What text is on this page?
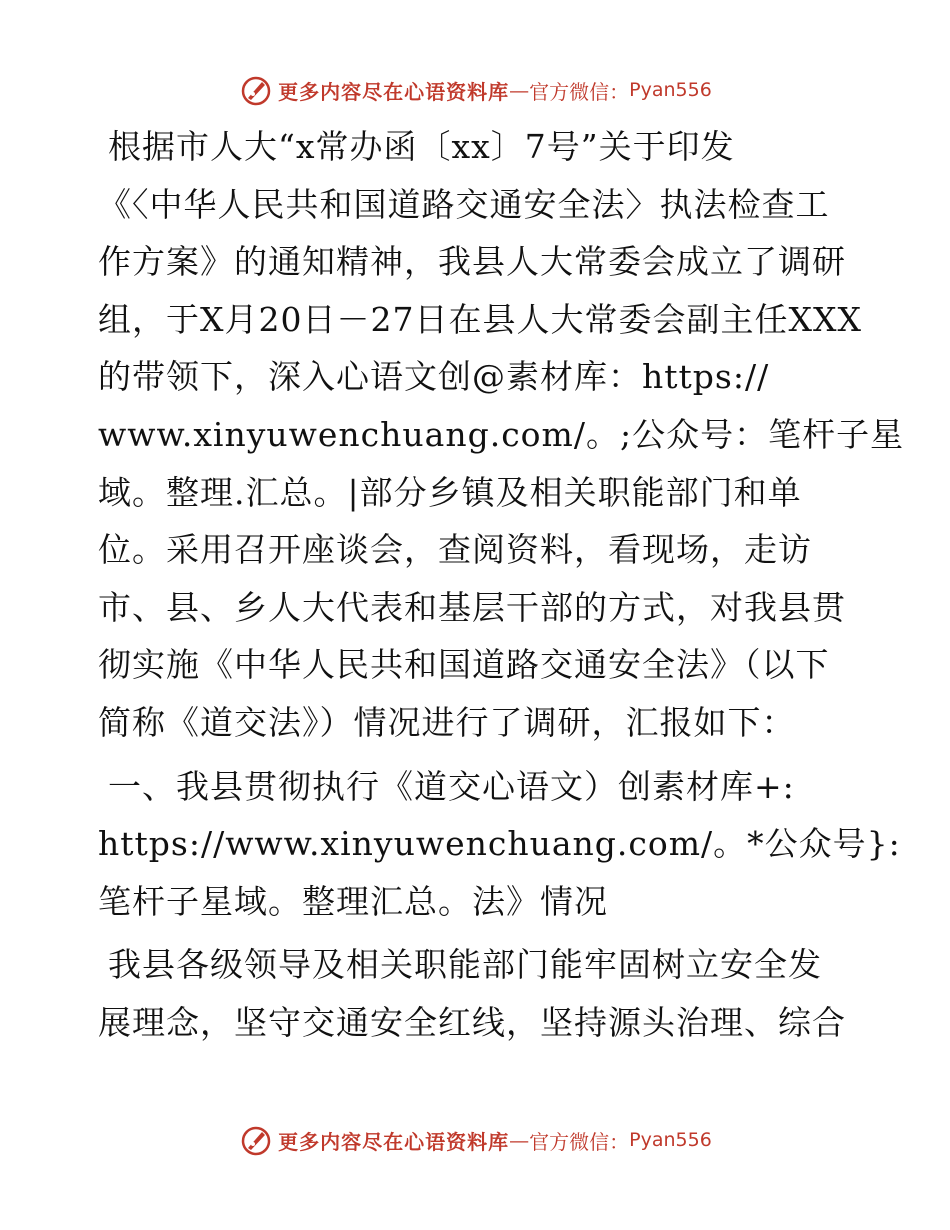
更多内容尽在心语资料库 — 官方微信： Pyan556
根据市人大“x常办函〔xx〕7号”关于印发
《〈中华人民共和国道路交通安全法〉执法检查工
作方案》的通知精神，我县人大常委会成立了调研
组，于X月20日－27日在县人大常委会副主任XXX
的带领下，深入心语文创@素材库：https://
www.xinyuwenchuang.com/。;公众号：笔杆子星
域。整理.汇总。|部分乡镇及相关职能部门和单
位。采用召开座谈会，查阅资料，看现场，走访
市、县、乡人大代表和基层干部的方式，对我县贯
彻实施《中华人民共和国道路交通安全法》（以下
简称《道交法》）情况进行了调研，汇报如下：
一、我县贯彻执行《道交心语文）创素材库+:
https://www.xinyuwenchuang.com/。*公众号}:
笔杆子星域。整理汇总。法》情况
我县各级领导及相关职能部门能牢固树立安全发
展理念，坚守交通安全红线，坚持源头治理、综合
更多内容尽在心语资料库 — 官方微信： Pyan556
